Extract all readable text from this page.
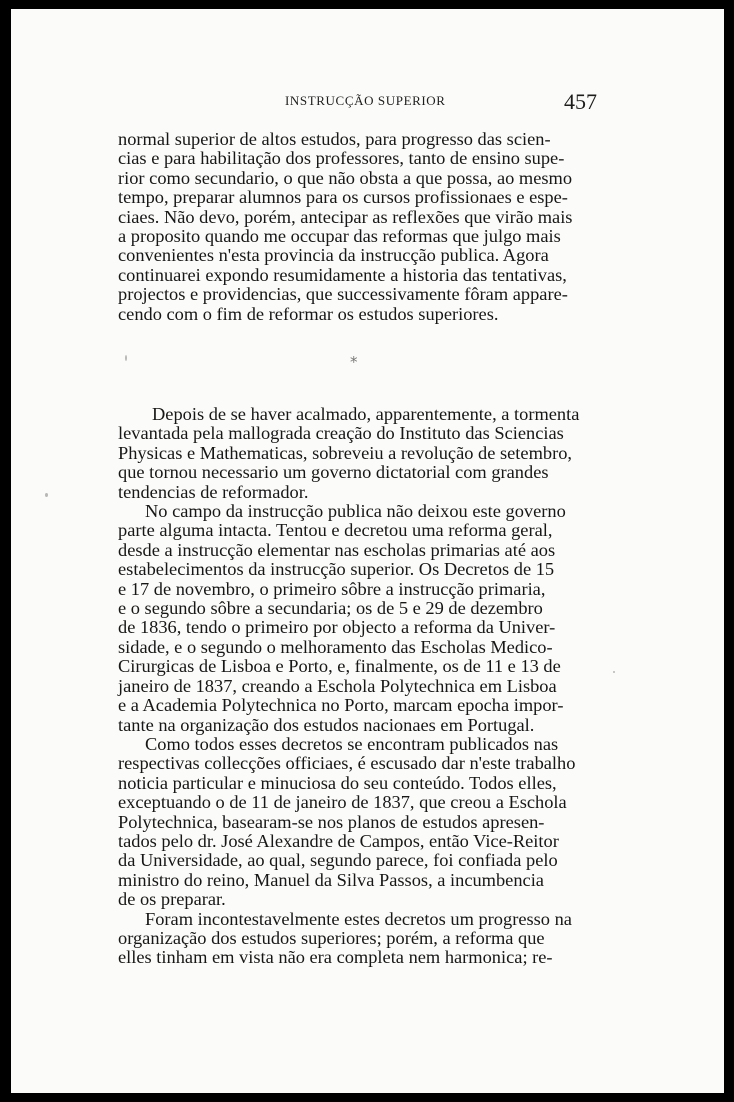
INSTRUCÇÃO SUPERIOR	457
normal superior de altos estudos, para progresso das scien-
cias e para habilitação dos professores, tanto de ensino supe-
rior como secundario, o que não obsta a que possa, ao mesmo
tempo, preparar alumnos para os cursos profissionaes e espe-
ciaes. Não devo, porém, antecipar as reflexões que virão mais
a proposito quando me occupar das reformas que julgo mais
convenientes n'esta provincia da instrucção publica. Agora
continuarei expondo resumidamente a historia das tentativas,
projectos e providencias, que successivamente fôram appare-
cendo com o fim de reformar os estudos superiores.
*
Depois de se haver acalmado, apparentemente, a tormenta
levantada pela mallograda creação do Instituto das Sciencias
Physicas e Mathematicas, sobreveiu a revolução de setembro,
que tornou necessario um governo dictatorial com grandes
tendencias de reformador.
No campo da instrucção publica não deixou este governo
parte alguma intacta. Tentou e decretou uma reforma geral,
desde a instrucção elementar nas escholas primarias até aos
estabelecimentos da instrucção superior. Os Decretos de 15
e 17 de novembro, o primeiro sôbre a instrucção primaria,
e o segundo sôbre a secundaria; os de 5 e 29 de dezembro
de 1836, tendo o primeiro por objecto a reforma da Univer-
sidade, e o segundo o melhoramento das Escholas Medico-
Cirurgicas de Lisboa e Porto, e, finalmente, os de 11 e 13 de
janeiro de 1837, creando a Eschola Polytechnica em Lisboa
e a Academia Polytechnica no Porto, marcam epocha impor-
tante na organização dos estudos nacionaes em Portugal.
Como todos esses decretos se encontram publicados nas
respectivas collecções officiaes, é escusado dar n'este trabalho
noticia particular e minuciosa do seu conteúdo. Todos elles,
exceptuando o de 11 de janeiro de 1837, que creou a Eschola
Polytechnica, basearam-se nos planos de estudos apresen-
tados pelo dr. José Alexandre de Campos, então Vice-Reitor
da Universidade, ao qual, segundo parece, foi confiada pelo
ministro do reino, Manuel da Silva Passos, a incumbencia
de os preparar.
Foram incontestavelmente estes decretos um progresso na
organização dos estudos superiores; porém, a reforma que
elles tinham em vista não era completa nem harmonica; re-
